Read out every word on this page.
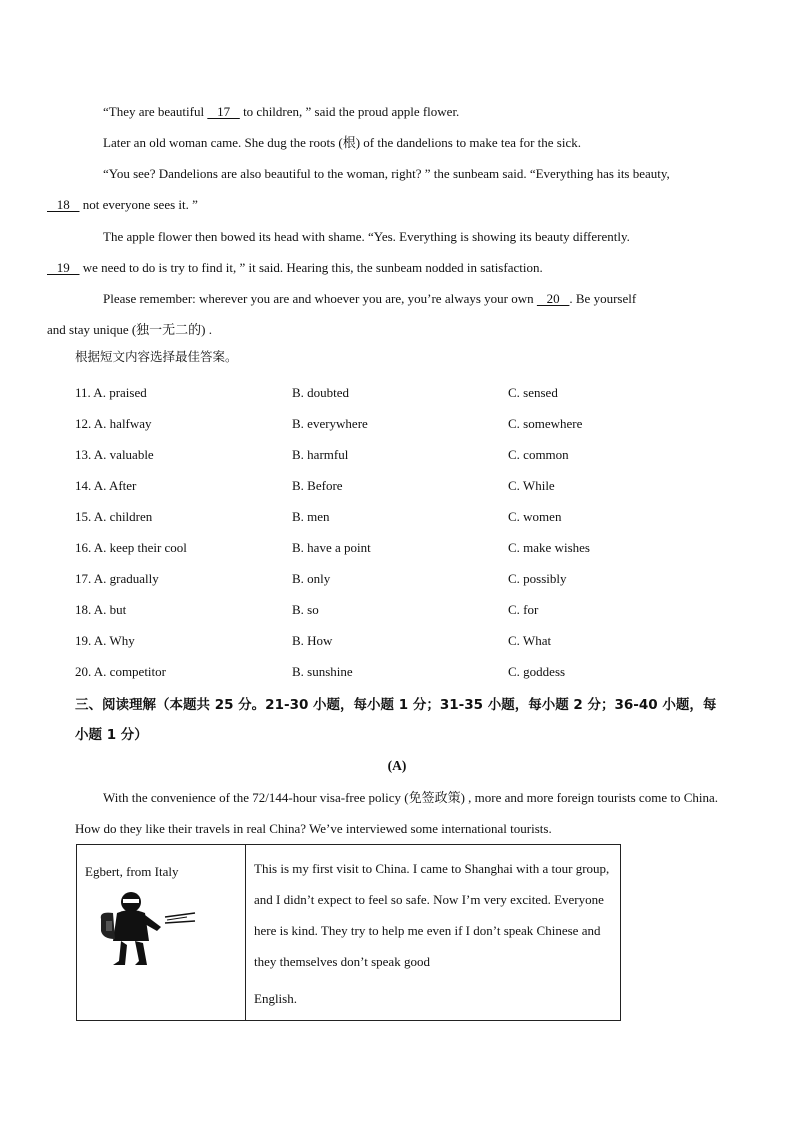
“They are beautiful    17    to children, ” said the proud apple flower.

Later an old woman came. She dug the roots (根) of the dandelions to make tea for the sick.

“You see? Dandelions are also beautiful to the woman, right? ” the sunbeam said. “Everything has its beauty,
18    not everyone sees it. ”

The apple flower then bowed its head with shame. “Yes. Everything is showing its beauty differently.
19    we need to do is try to find it, ” it said. Hearing this, the sunbeam nodded in satisfaction.

Please remember: wherever you are and whoever you are, you’re always your own    20   . Be yourself
and stay unique (独一无二的) .

根据短文内容选择最佳答案。
11. A. praised	B. doubted	C. sensed
12. A. halfway	B. everywhere	C. somewhere
13. A. valuable	B. harmful	C. common
14. A. After	B. Before	C. While
15. A. children	B. men	C. women
16. A. keep their cool	B. have a point	C. make wishes
17. A. gradually	B. only	C. possibly
18. A. but	B. so	C. for
19. A. Why	B. How	C. What
20. A. competitor	B. sunshine	C. goddess
三、阅读理解（本题共 25 分。21-30 小题，每小题 1 分；31-35 小题，每小题 2 分；36-40 小题，每小题 1 分）
(A)

With the convenience of the 72/144-hour visa-free policy (免签政策) , more and more foreign tourists come to China. How do they like their travels in real China? We’ve interviewed some international tourists.

Egbert, from Italy	This is my first visit to China. I came to Shanghai with a tour group, and I didn’t expect to feel so safe. Now I’m very excited. Everyone here is kind. They try to help me even if I don’t speak Chinese and they themselves don’t speak good
English.
